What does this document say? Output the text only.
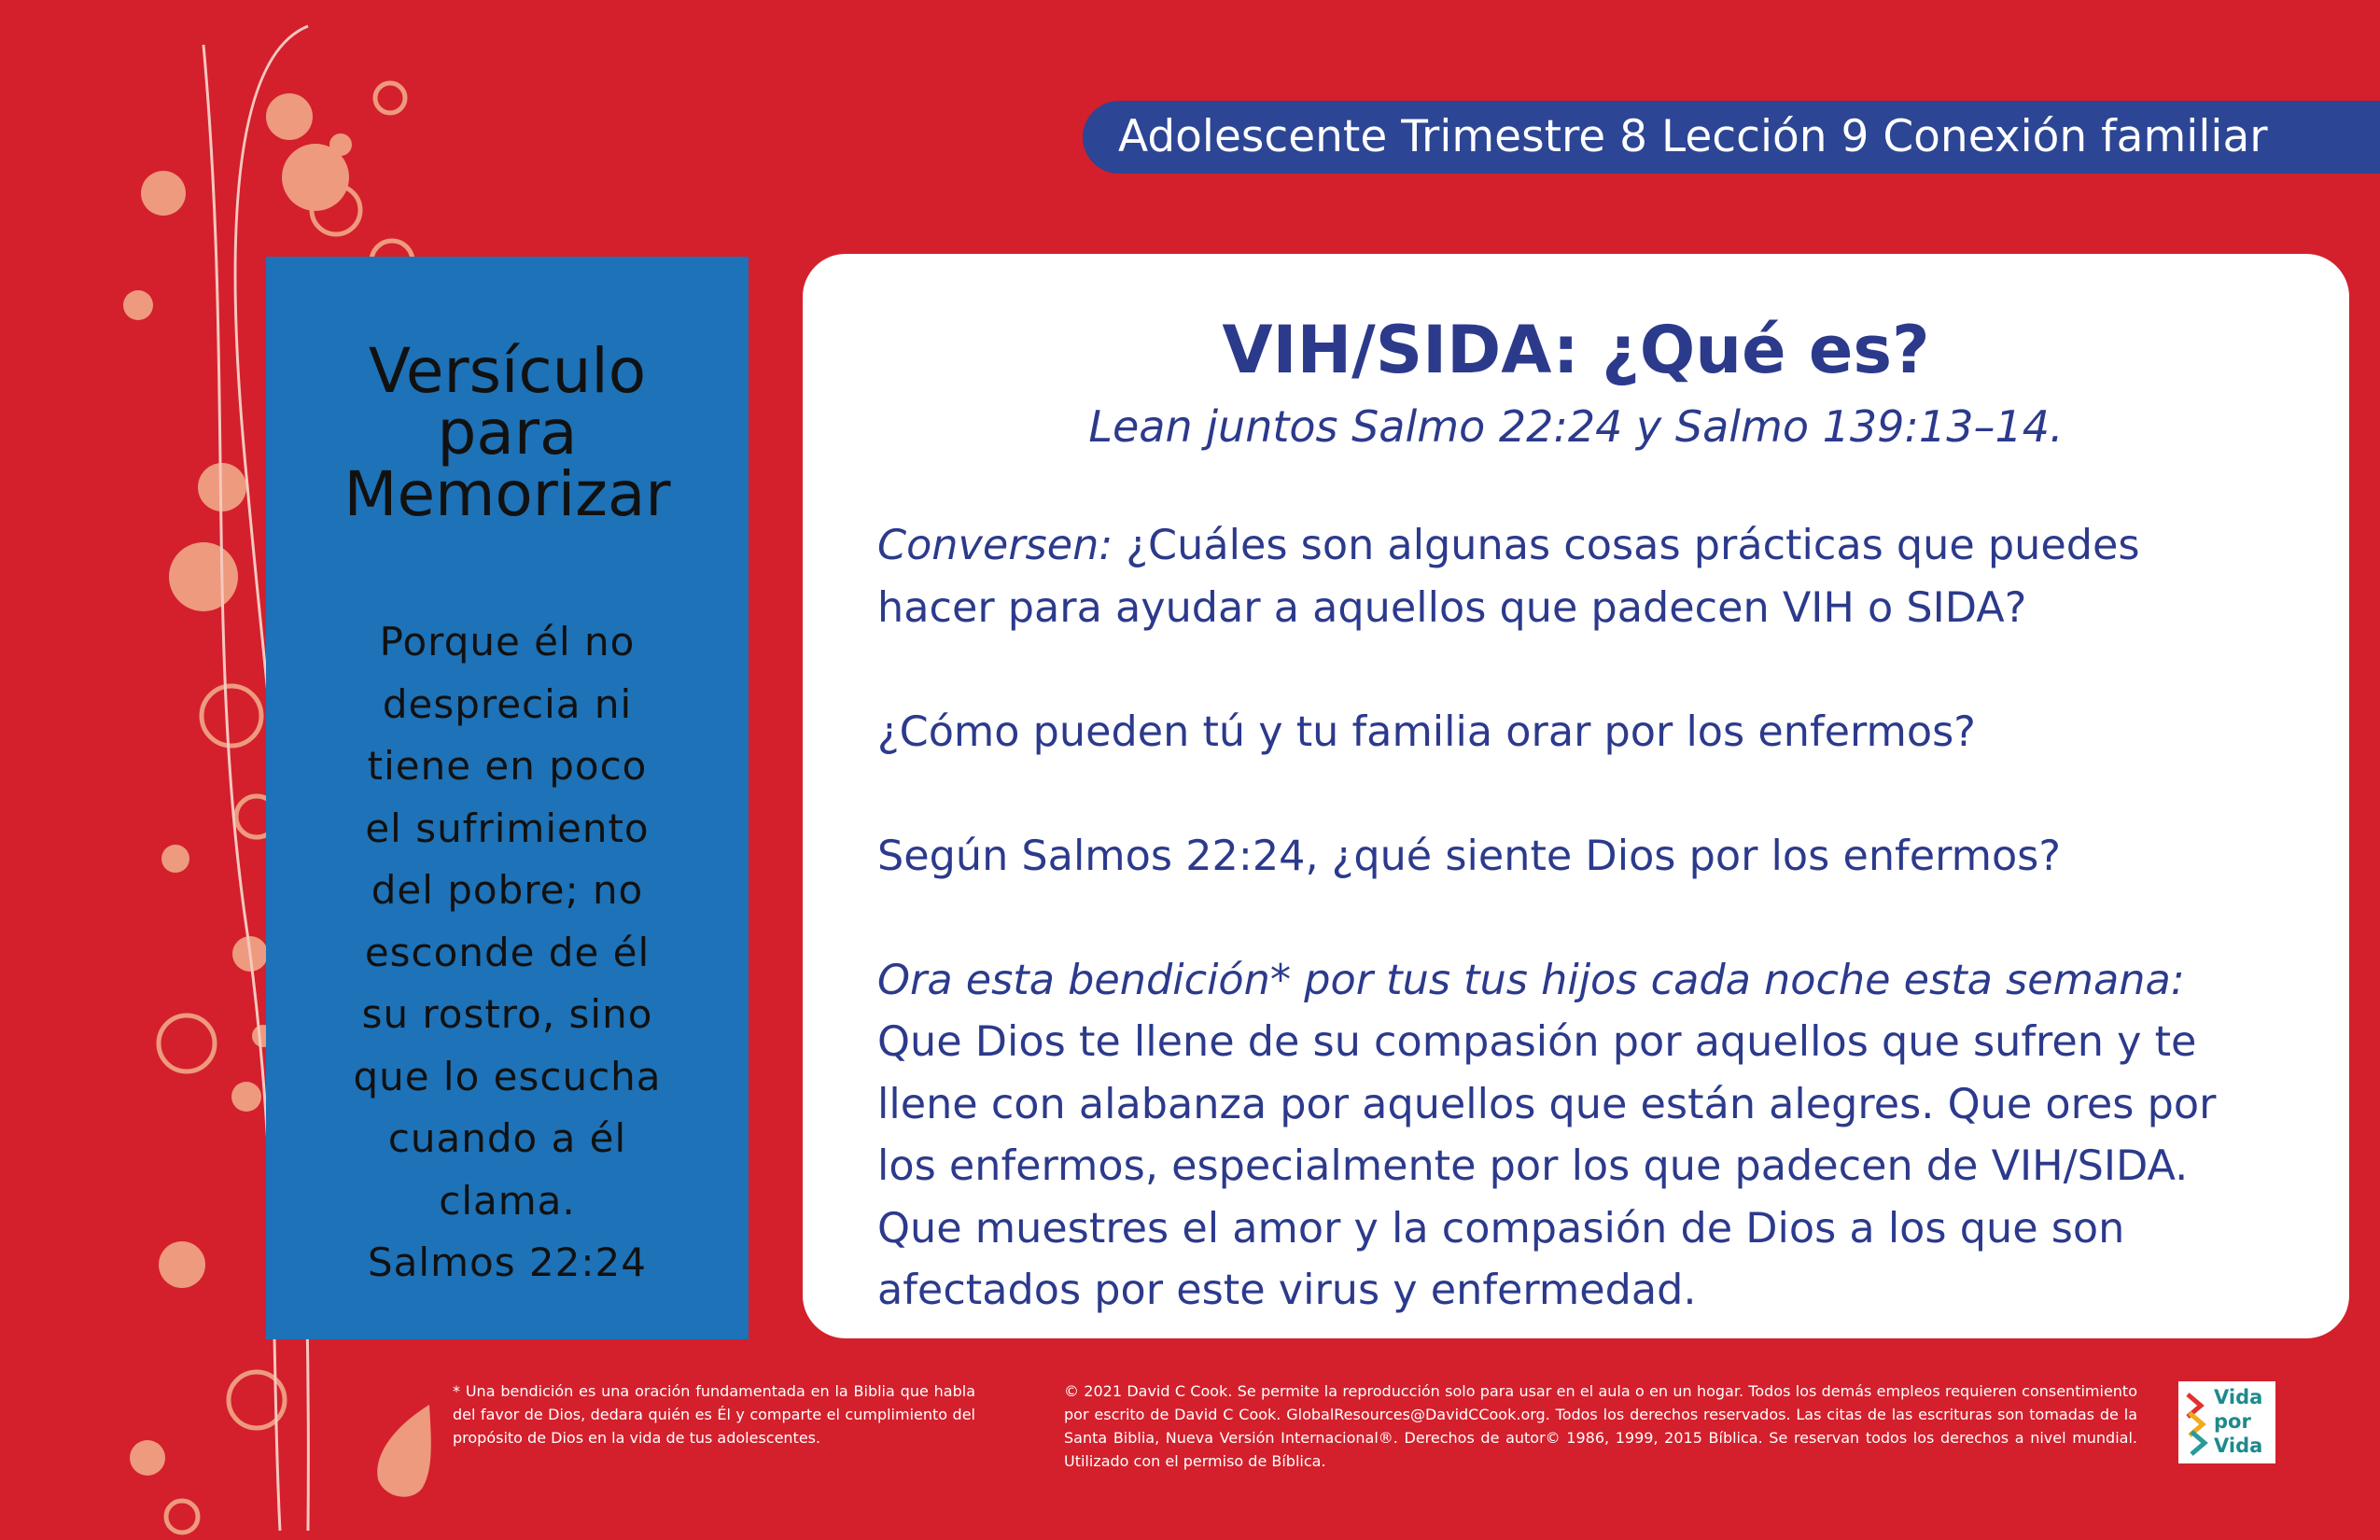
Adolescente Trimestre 8 Lección 9 Conexión familiar
Versículo
para
Memorizar
Porque él no
desprecia ni
tiene en poco
el sufrimiento
del pobre; no
esconde de él
su rostro, sino
que lo escucha
cuando a él
clama.
Salmos 22:24
VIH/SIDA: ¿Qué es?
Lean juntos Salmo 22:24 y Salmo 139:13–14.

Conversen: ¿Cuáles son algunas cosas prácticas que puedes

hacer para ayudar a aquellos que padecen VIH o SIDA?

¿Cómo pueden tú y tu familia orar por los enfermos?

Según Salmos 22:24, ¿qué siente Dios por los enfermos?

Ora esta bendición* por tus tus hijos cada noche esta semana:

Que Dios te llene de su compasión por aquellos que sufren y te

llene con alabanza por aquellos que están alegres. Que ores por

los enfermos, especialmente por los que padecen de VIH/SIDA.

Que muestres el amor y la compasión de Dios a los que son

afectados por este virus y enfermedad.

* Una bendición es una oración fundamentada en la Biblia que habla del favor de Dios, dedara quién es Él y comparte el cumplimiento del propósito de Dios en la vida de tus adolescentes.
© 2021 David C Cook. Se permite la reproducción solo para usar en el aula o en un hogar. Todos los demás empleos requieren consentimiento por escrito de David C Cook. GlobalResources@DavidCCook.org. Todos los derechos reservados. Las citas de las escrituras son tomadas de la Santa Biblia, Nueva Versión Internacional®. Derechos de autor© 1986, 1999, 2015 Bíblica. Se reservan todos los derechos a nivel mundial. Utilizado con el permiso de Bíblica.
Vida
por
Vida
